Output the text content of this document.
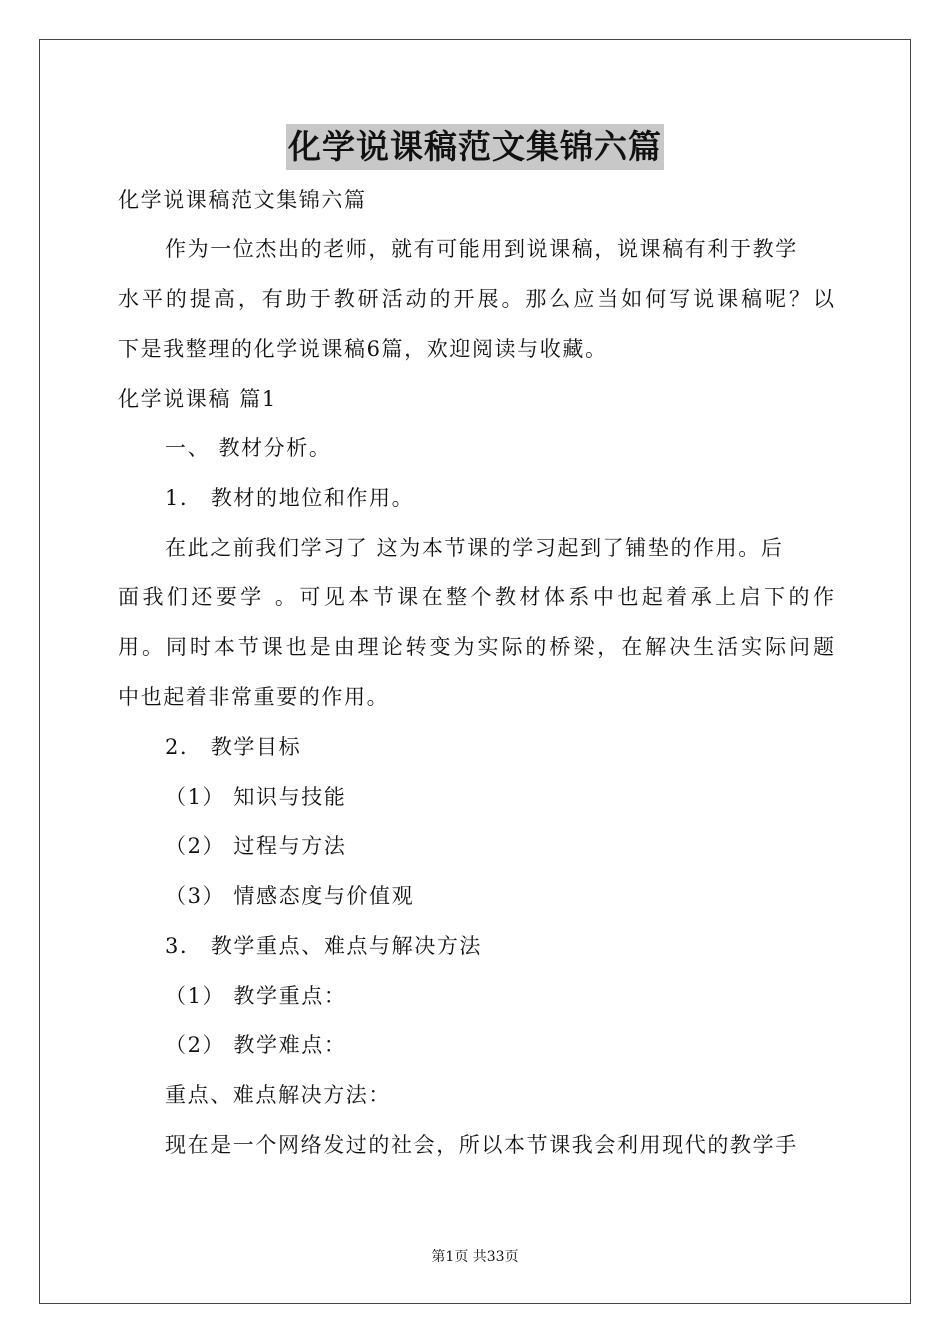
化学说课稿范文集锦六篇
化学说课稿范文集锦六篇
作为一位杰出的老师，就有可能用到说课稿，说课稿有利于教学
水平的提高，有助于教研活动的开展。那么应当如何写说课稿呢？以
下是我整理的化学说课稿6篇，欢迎阅读与收藏。
化学说课稿 篇1
一、 教材分析。
1． 教材的地位和作用。
在此之前我们学习了 这为本节课的学习起到了铺垫的作用。后
面我们还要学 。可见本节课在整个教材体系中也起着承上启下的作
用。同时本节课也是由理论转变为实际的桥梁，在解决生活实际问题
中也起着非常重要的作用。
2． 教学目标
（1） 知识与技能
（2） 过程与方法
（3） 情感态度与价值观
3． 教学重点、难点与解决方法
（1） 教学重点：
（2） 教学难点：
重点、难点解决方法：
现在是一个网络发过的社会，所以本节课我会利用现代的教学手
第1页 共33页
